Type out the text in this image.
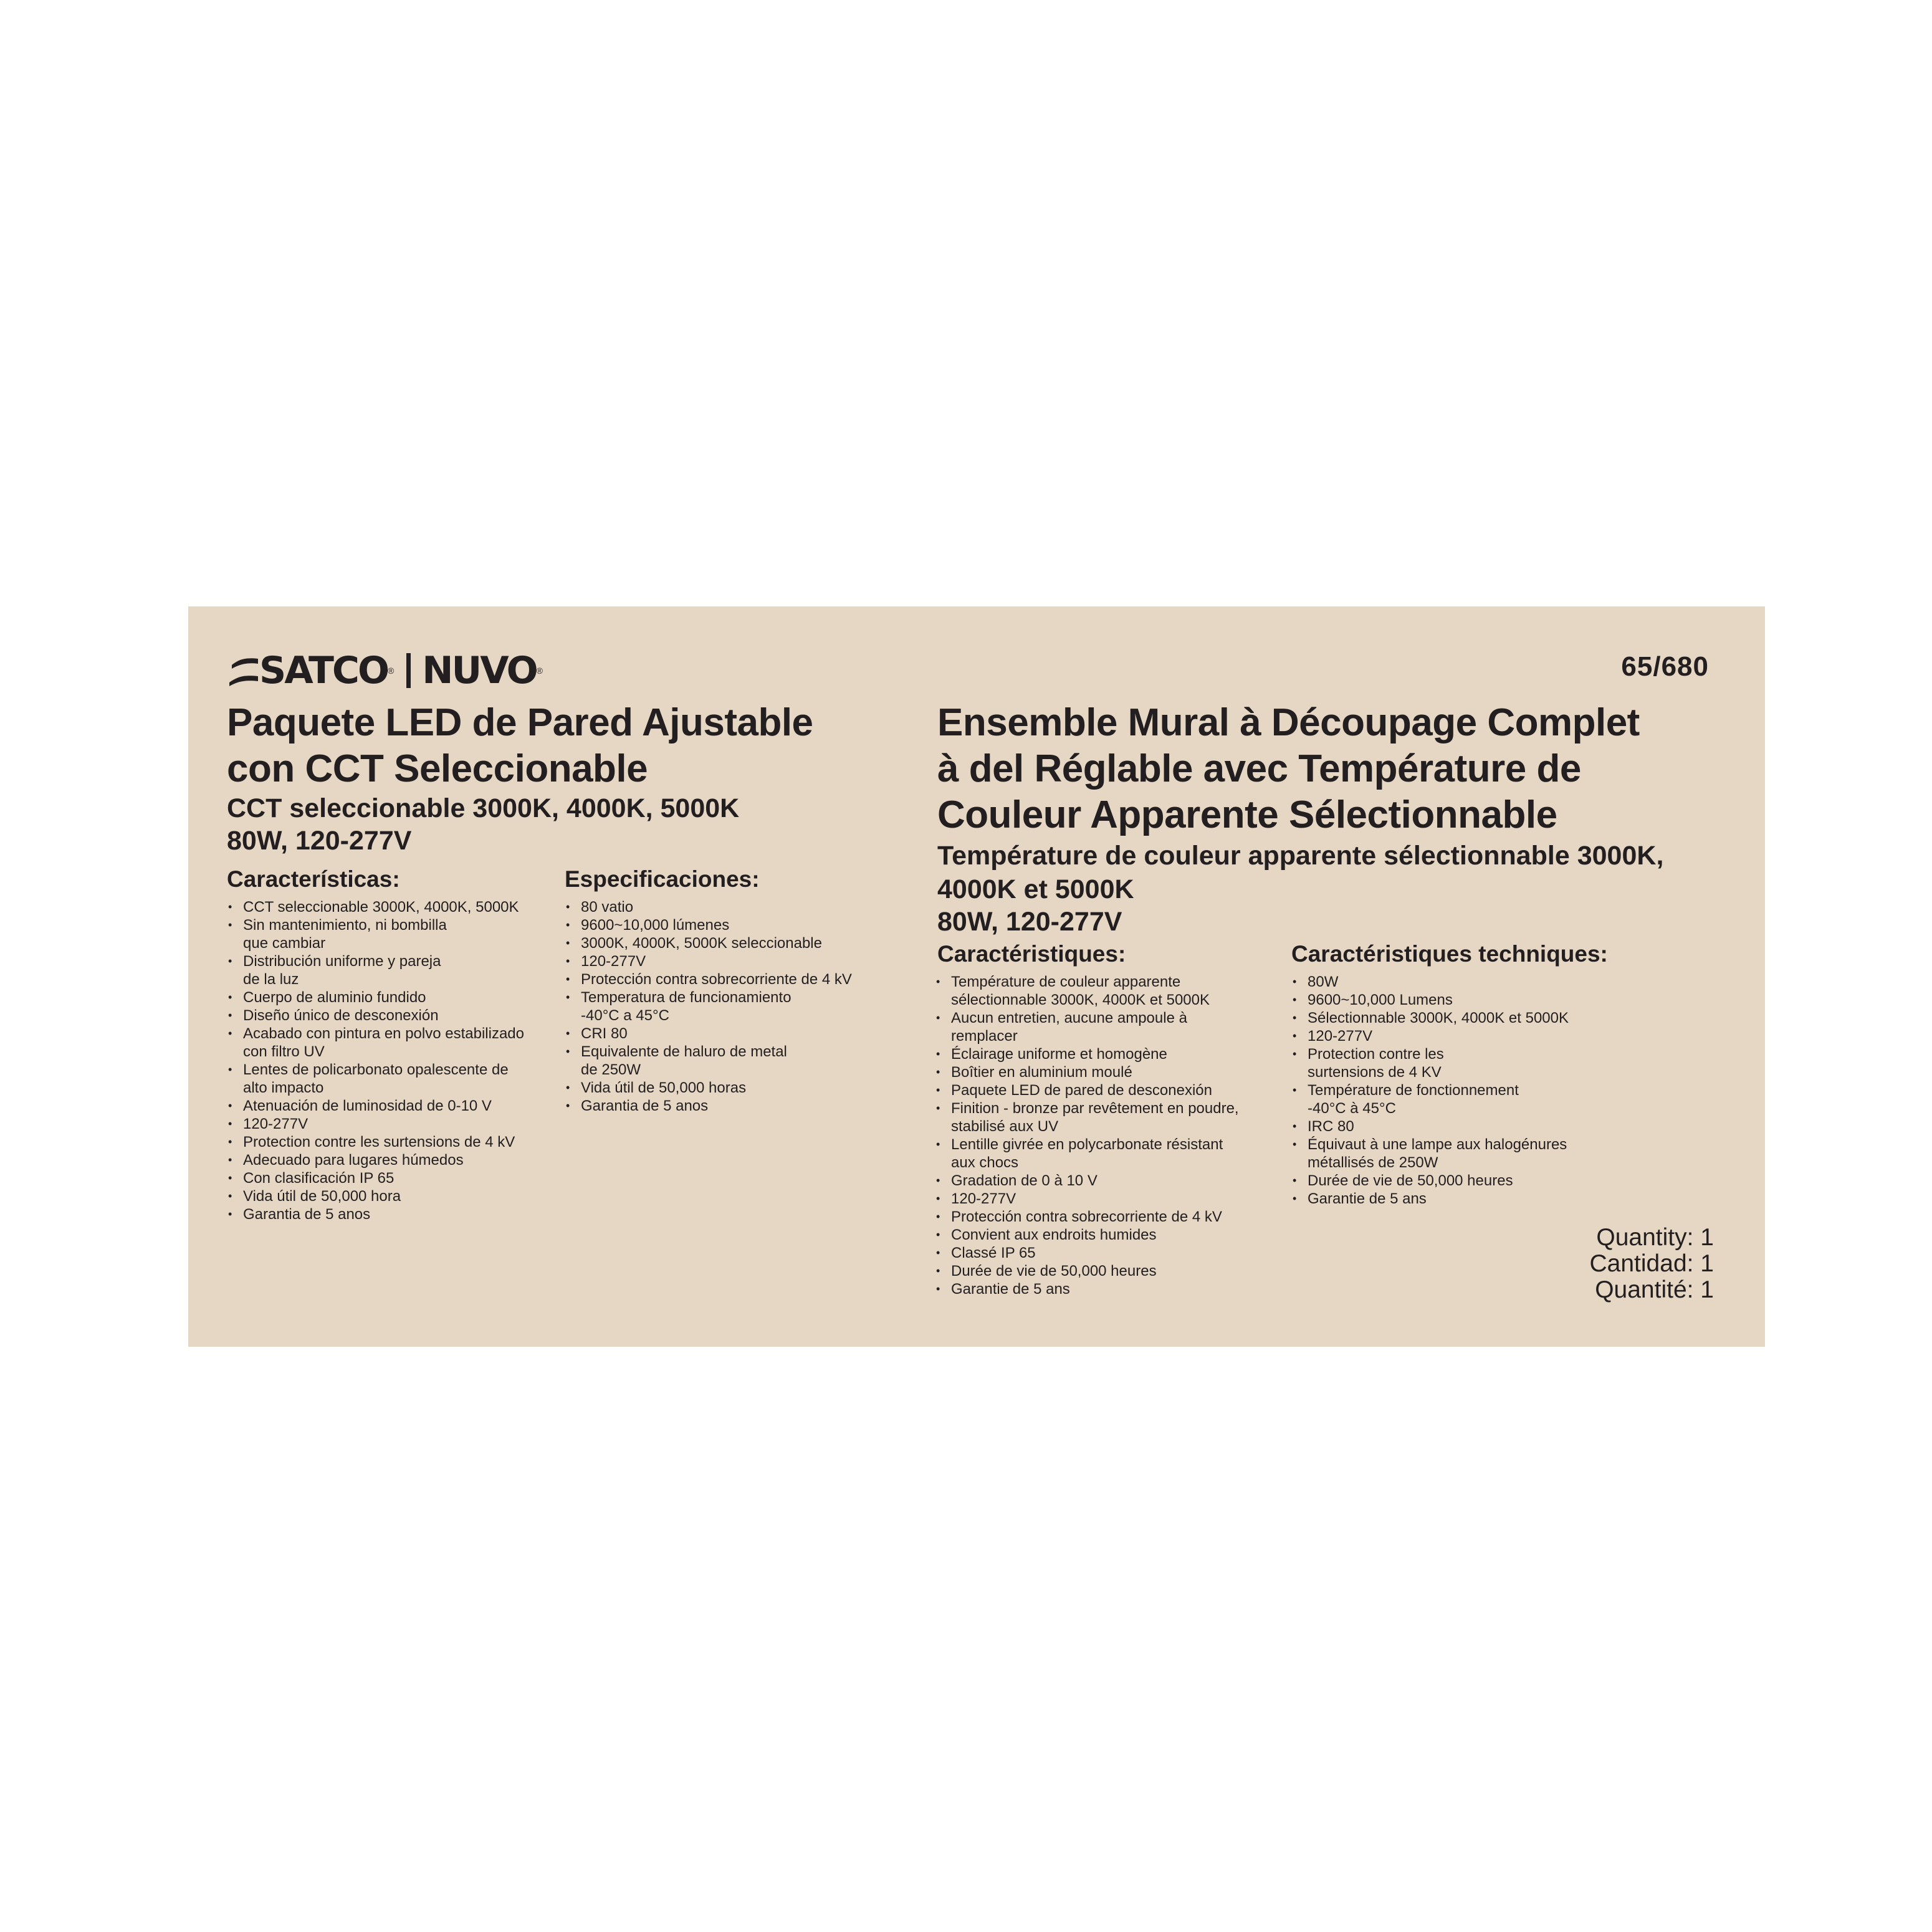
SATCO ® NUVO ®	65/680
Paquete LED de Pared Ajustable
con CCT Seleccionable
CCT seleccionable 3000K, 4000K, 5000K
80W, 120-277V
Características:
• CCT seleccionable 3000K, 4000K, 5000K
• Sin mantenimiento, ni bombilla
que cambiar
• Distribución uniforme y pareja
de la luz
• Cuerpo de aluminio fundido
• Diseño único de desconexión
• Acabado con pintura en polvo estabilizado
con filtro UV
• Lentes de policarbonato opalescente de
alto impacto
• Atenuación de luminosidad de 0-10 V
• 120-277V
• Protection contre les surtensions de 4 kV
• Adecuado para lugares húmedos
• Con clasificación IP 65
• Vida útil de 50,000 hora
• Garantia de 5 anos
Especificaciones:
• 80 vatio
• 9600~10,000 lúmenes
• 3000K, 4000K, 5000K seleccionable
• 120-277V
• Protección contra sobrecorriente de 4 kV
• Temperatura de funcionamiento
-40°C a 45°C
• CRI 80
• Equivalente de haluro de metal
de 250W
• Vida útil de 50,000 horas
• Garantia de 5 anos
Ensemble Mural à Découpage Complet
à del Réglable avec Température de
Couleur Apparente Sélectionnable
Température de couleur apparente sélectionnable 3000K,
4000K et 5000K
80W, 120-277V
Caractéristiques:
• Température de couleur apparente
sélectionnable 3000K, 4000K et 5000K
• Aucun entretien, aucune ampoule à
remplacer
• Éclairage uniforme et homogène
• Boîtier en aluminium moulé
• Paquete LED de pared de desconexión
• Finition - bronze par revêtement en poudre,
stabilisé aux UV
• Lentille givrée en polycarbonate résistant
aux chocs
• Gradation de 0 à 10 V
• 120-277V
• Protección contra sobrecorriente de 4 kV
• Convient aux endroits humides
• Classé IP 65
• Durée de vie de 50,000 heures
• Garantie de 5 ans
Caractéristiques techniques:
• 80W
• 9600~10,000 Lumens
• Sélectionnable 3000K, 4000K et 5000K
• 120-277V
• Protection contre les
surtensions de 4 KV
• Température de fonctionnement
-40°C à 45°C
• IRC 80
• Équivaut à une lampe aux halogénures
métallisés de 250W
• Durée de vie de 50,000 heures
• Garantie de 5 ans
Quantity: 1
Cantidad: 1
Quantité: 1
